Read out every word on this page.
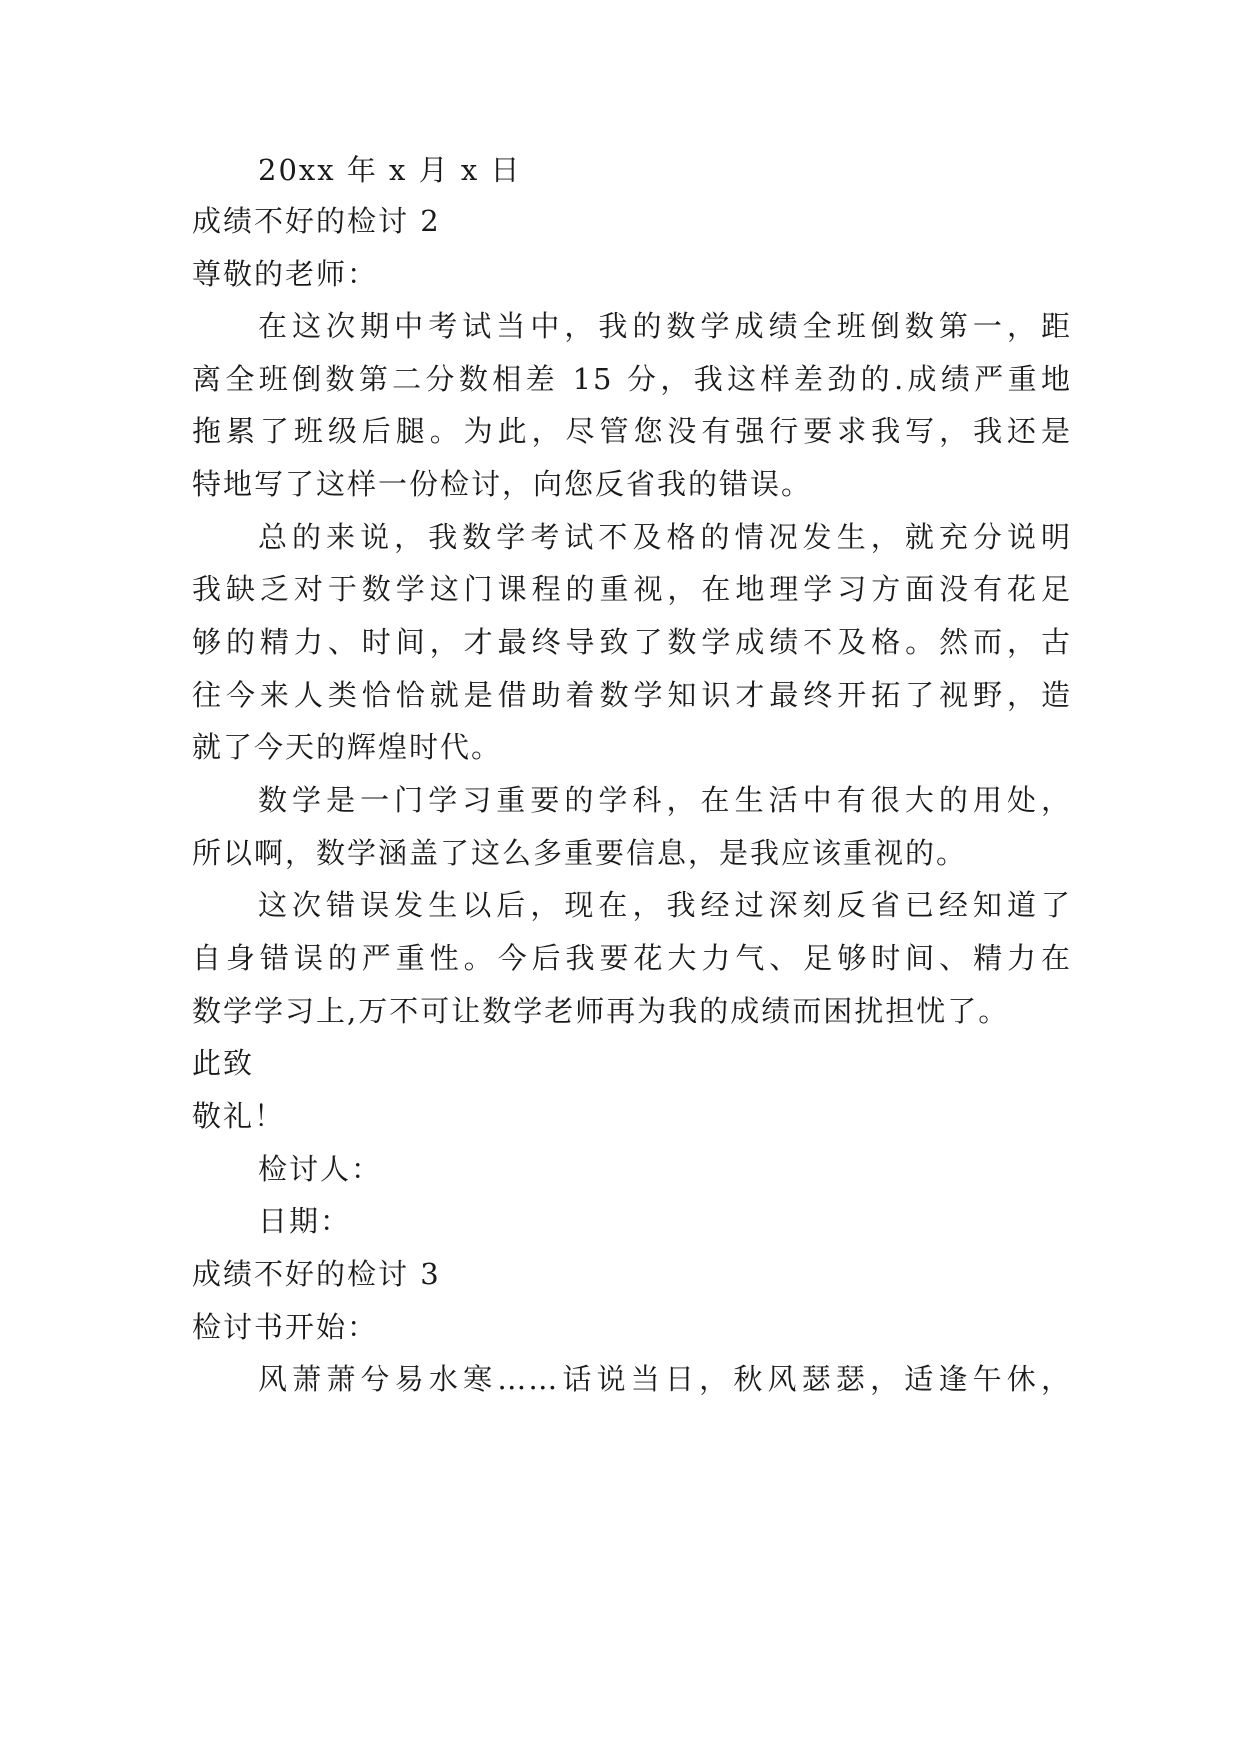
20xx 年 x 月 x 日
成绩不好的检讨 2
尊敬的老师：
在这次期中考试当中，我的数学成绩全班倒数第一，距
离全班倒数第二分数相差 15 分，我这样差劲的.成绩严重地
拖累了班级后腿。为此，尽管您没有强行要求我写，我还是
特地写了这样一份检讨，向您反省我的错误。
总的来说，我数学考试不及格的情况发生，就充分说明
我缺乏对于数学这门课程的重视，在地理学习方面没有花足
够的精力、时间，才最终导致了数学成绩不及格。然而，古
往今来人类恰恰就是借助着数学知识才最终开拓了视野，造
就了今天的辉煌时代。
数学是一门学习重要的学科，在生活中有很大的用处，
所以啊，数学涵盖了这么多重要信息，是我应该重视的。
这次错误发生以后，现在，我经过深刻反省已经知道了
自身错误的严重性。今后我要花大力气、足够时间、精力在
数学学习上,万不可让数学老师再为我的成绩而困扰担忧了。
此致
敬礼！
检讨人：
日期：
成绩不好的检讨 3
检讨书开始：
风萧萧兮易水寒……话说当日，秋风瑟瑟，适逢午休，
